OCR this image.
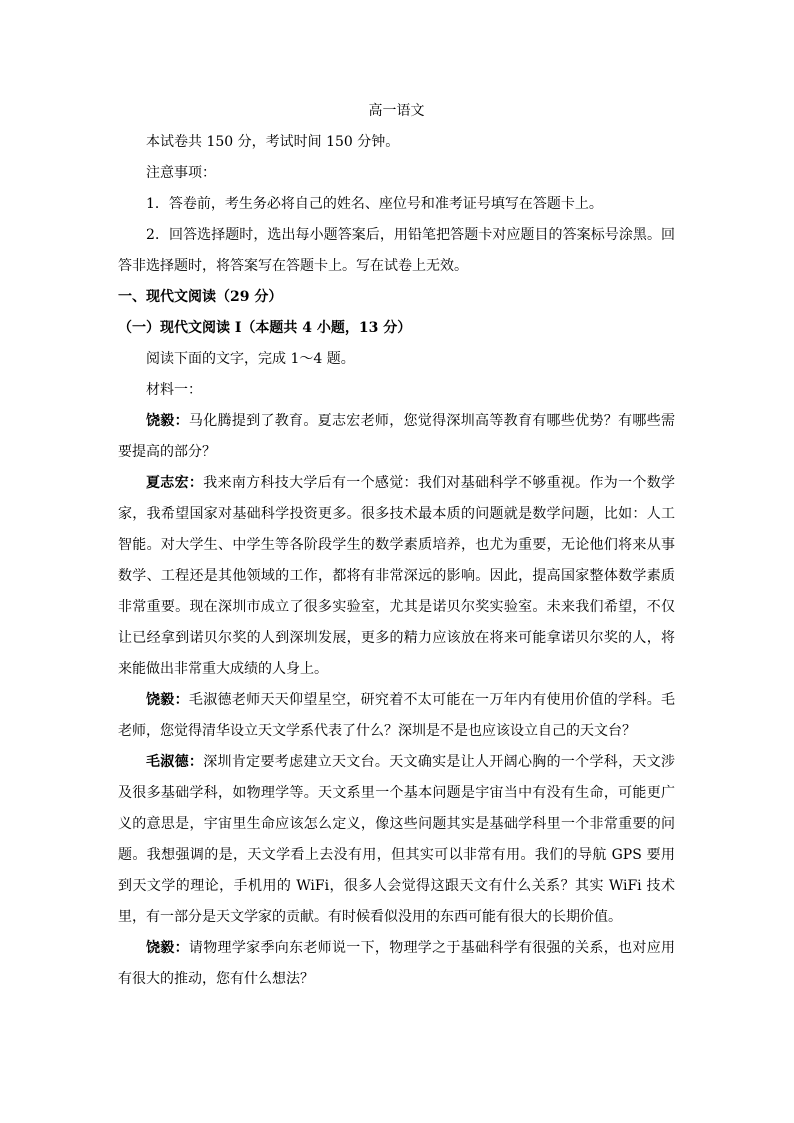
高一语文

本试卷共 150 分，考试时间 150 分钟。

注意事项：

1．答卷前，考生务必将自己的姓名、座位号和准考证号填写在答题卡上。

2．回答选择题时，选出每小题答案后，用铅笔把答题卡对应题目的答案标号涂黑。回答非选择题时，将答案写在答题卡上。写在试卷上无效。

一、现代文阅读（29 分）

（一）现代文阅读 I（本题共 4 小题，13 分）

阅读下面的文字，完成 1～4 题。

材料一：

饶毅：马化腾提到了教育。夏志宏老师，您觉得深圳高等教育有哪些优势？有哪些需要提高的部分？

夏志宏：我来南方科技大学后有一个感觉：我们对基础科学不够重视。作为一个数学家，我希望国家对基础科学投资更多。很多技术最本质的问题就是数学问题，比如：人工智能。对大学生、中学生等各阶段学生的数学素质培养，也尤为重要，无论他们将来从事数学、工程还是其他领域的工作，都将有非常深远的影响。因此，提高国家整体数学素质非常重要。现在深圳市成立了很多实验室，尤其是诺贝尔奖实验室。未来我们希望，不仅让已经拿到诺贝尔奖的人到深圳发展，更多的精力应该放在将来可能拿诺贝尔奖的人，将来能做出非常重大成绩的人身上。

饶毅：毛淑德老师天天仰望星空，研究着不太可能在一万年内有使用价值的学科。毛老师，您觉得清华设立天文学系代表了什么？深圳是不是也应该设立自己的天文台？

毛淑德：深圳肯定要考虑建立天文台。天文确实是让人开阔心胸的一个学科，天文涉及很多基础学科，如物理学等。天文系里一个基本问题是宇宙当中有没有生命，可能更广义的意思是，宇宙里生命应该怎么定义，像这些问题其实是基础学科里一个非常重要的问题。我想强调的是，天文学看上去没有用，但其实可以非常有用。我们的导航 GPS 要用到天文学的理论，手机用的 WiFi，很多人会觉得这跟天文有什么关系？其实 WiFi 技术里，有一部分是天文学家的贡献。有时候看似没用的东西可能有很大的长期价值。

饶毅：请物理学家季向东老师说一下，物理学之于基础科学有很强的关系，也对应用有很大的推动，您有什么想法？
